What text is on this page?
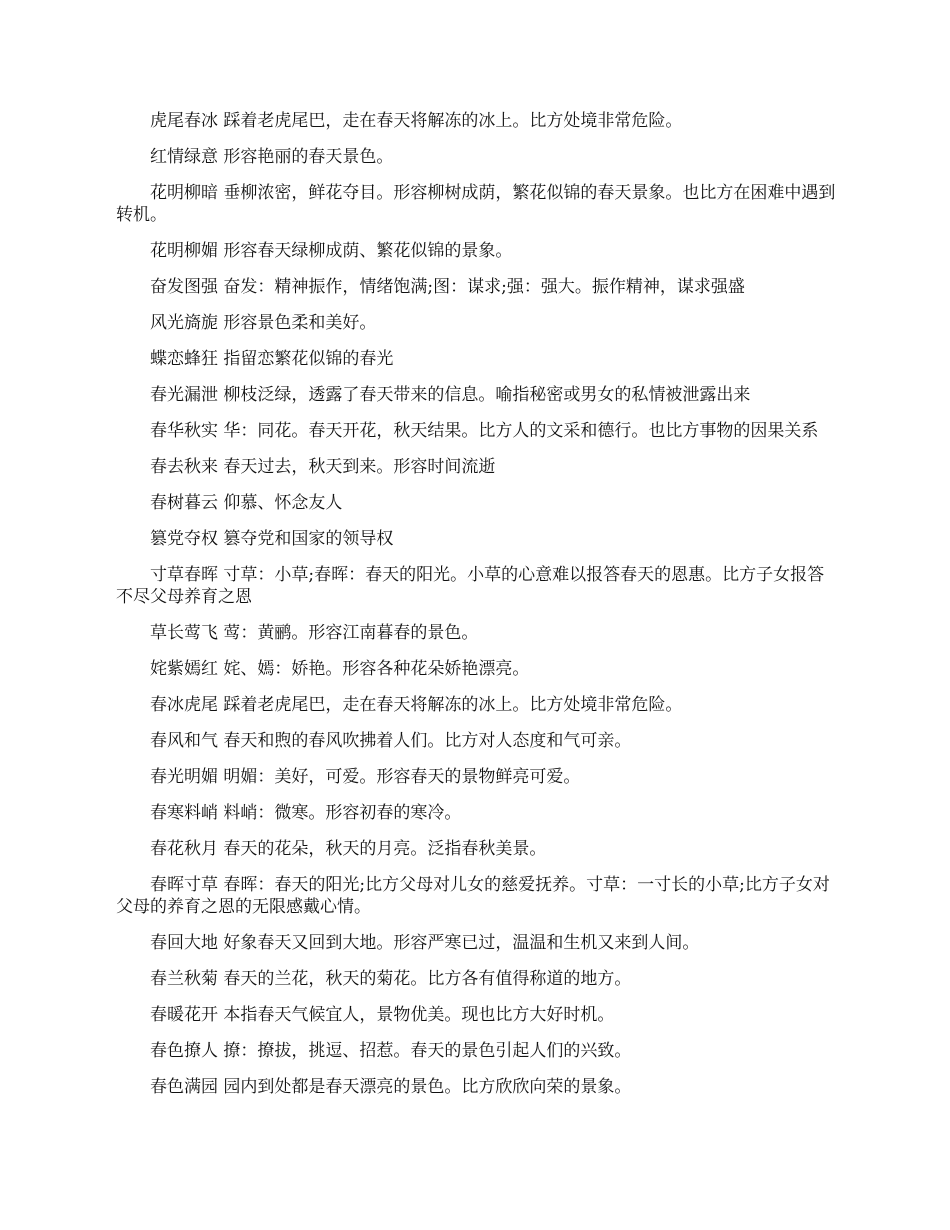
虎尾春冰 踩着老虎尾巴，走在春天将解冻的冰上。比方处境非常危险。

红情绿意 形容艳丽的春天景色。

花明柳暗 垂柳浓密，鲜花夺目。形容柳树成荫，繁花似锦的春天景象。也比方在困难中遇到转机。

花明柳媚 形容春天绿柳成荫、繁花似锦的景象。

奋发图强 奋发：精神振作，情绪饱满;图：谋求;强：强大。振作精神，谋求强盛

风光旖旎 形容景色柔和美好。

蝶恋蜂狂 指留恋繁花似锦的春光

春光漏泄 柳枝泛绿，透露了春天带来的信息。喻指秘密或男女的私情被泄露出来

春华秋实 华：同花。春天开花，秋天结果。比方人的文采和德行。也比方事物的因果关系

春去秋来 春天过去，秋天到来。形容时间流逝

春树暮云 仰慕、怀念友人

篡党夺权 篡夺党和国家的领导权

寸草春晖 寸草：小草;春晖：春天的阳光。小草的心意难以报答春天的恩惠。比方子女报答不尽父母养育之恩

草长莺飞 莺：黄鹂。形容江南暮春的景色。

姹紫嫣红 姹、嫣：娇艳。形容各种花朵娇艳漂亮。

春冰虎尾 踩着老虎尾巴，走在春天将解冻的冰上。比方处境非常危险。

春风和气 春天和煦的春风吹拂着人们。比方对人态度和气可亲。

春光明媚 明媚：美好，可爱。形容春天的景物鲜亮可爱。

春寒料峭 料峭：微寒。形容初春的寒冷。

春花秋月 春天的花朵，秋天的月亮。泛指春秋美景。

春晖寸草 春晖：春天的阳光;比方父母对儿女的慈爱抚养。寸草：一寸长的小草;比方子女对父母的养育之恩的无限感戴心情。

春回大地 好象春天又回到大地。形容严寒已过，温温和生机又来到人间。

春兰秋菊 春天的兰花，秋天的菊花。比方各有值得称道的地方。

春暖花开 本指春天气候宜人，景物优美。现也比方大好时机。

春色撩人 撩：撩拔，挑逗、招惹。春天的景色引起人们的兴致。

春色满园 园内到处都是春天漂亮的景色。比方欣欣向荣的景象。
